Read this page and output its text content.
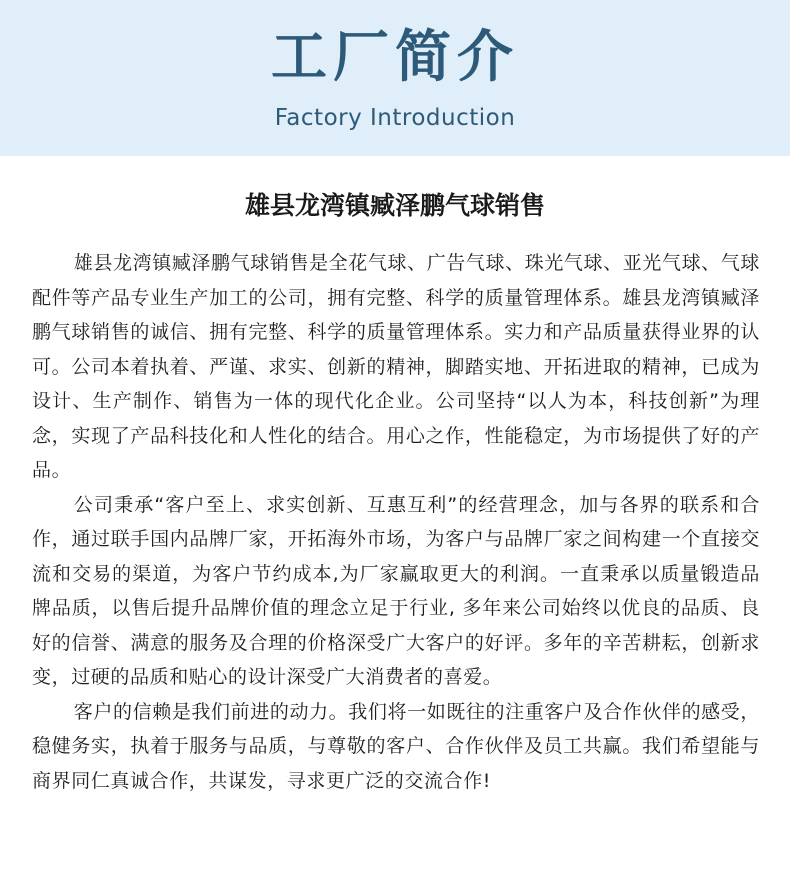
工厂简介
Factory Introduction
雄县龙湾镇臧泽鹏气球销售

雄县龙湾镇臧泽鹏气球销售是全花气球、广告气球、珠光气球、亚光气球、气球配件等产品专业生产加工的公司，拥有完整、科学的质量管理体系。雄县龙湾镇臧泽鹏气球销售的诚信、拥有完整、科学的质量管理体系。实力和产品质量获得业界的认可。公司本着执着、严谨、求实、创新的精神，脚踏实地、开拓进取的精神，已成为设计、生产制作、销售为一体的现代化企业。公司坚持“以人为本，科技创新”为理念，实现了产品科技化和人性化的结合。用心之作，性能稳定，为市场提供了好的产品。

公司秉承“客户至上、求实创新、互惠互利”的经营理念，加与各界的联系和合作，通过联手国内品牌厂家，开拓海外市场，为客户与品牌厂家之间构建一个直接交流和交易的渠道，为客户节约成本,为厂家赢取更大的利润。一直秉承以质量锻造品牌品质，以售后提升品牌价值的理念立足于行业, 多年来公司始终以优良的品质、良好的信誉、满意的服务及合理的价格深受广大客户的好评。多年的辛苦耕耘，创新求变，过硬的品质和贴心的设计深受广大消费者的喜爱。

客户的信赖是我们前进的动力。我们将一如既往的注重客户及合作伙伴的感受，稳健务实，执着于服务与品质，与尊敬的客户、合作伙伴及员工共赢。我们希望能与商界同仁真诚合作，共谋发，寻求更广泛的交流合作!
